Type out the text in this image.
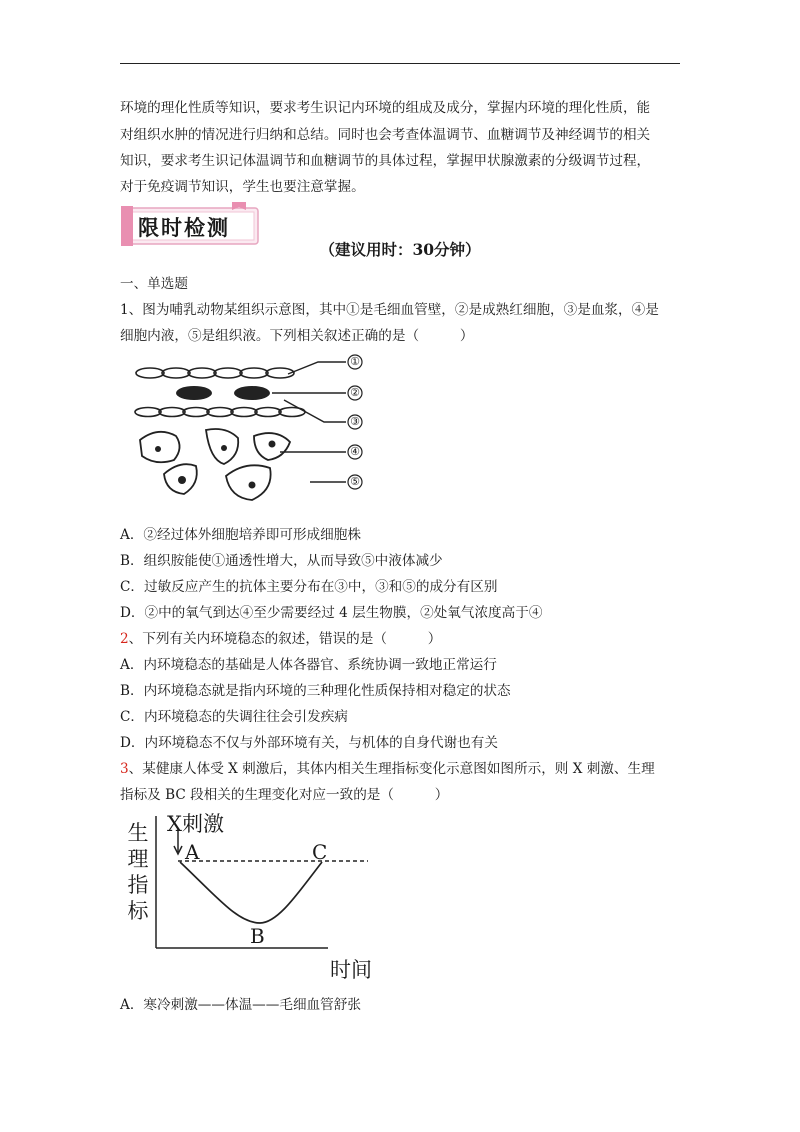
环境的理化性质等知识，要求考生识记内环境的组成及成分，掌握内环境的理化性质，能
对组织水肿的情况进行归纳和总结。同时也会考查体温调节、血糖调节及神经调节的相关
知识，要求考生识记体温调节和血糖调节的具体过程，掌握甲状腺激素的分级调节过程，
对于免疫调节知识，学生也要注意掌握。
限时检测
（建议用时：30分钟）
一、单选题
1、图为哺乳动物某组织示意图，其中①是毛细血管壁，②是成熟红细胞，③是血浆，④是
细胞内液，⑤是组织液。下列相关叙述正确的是（　　　）
①
②
③
④
⑤
A．②经过体外细胞培养即可形成细胞株
B．组织胺能使①通透性增大，从而导致⑤中液体减少
C．过敏反应产生的抗体主要分布在③中，③和⑤的成分有区别
D．②中的氧气到达④至少需要经过 4 层生物膜，②处氧气浓度高于④
2、下列有关内环境稳态的叙述，错误的是（　　　）
A．内环境稳态的基础是人体各器官、系统协调一致地正常运行
B．内环境稳态就是指内环境的三种理化性质保持相对稳定的状态
C．内环境稳态的失调往往会引发疾病
D．内环境稳态不仅与外部环境有关，与机体的自身代谢也有关
3、某健康人体受 X 刺激后，其体内相关生理指标变化示意图如图所示，则 X 刺激、生理
指标及 BC 段相关的生理变化对应一致的是（　　　）
X刺激
生
理
指
标
A
B
C
时间
A．寒冷刺激——体温——毛细血管舒张
